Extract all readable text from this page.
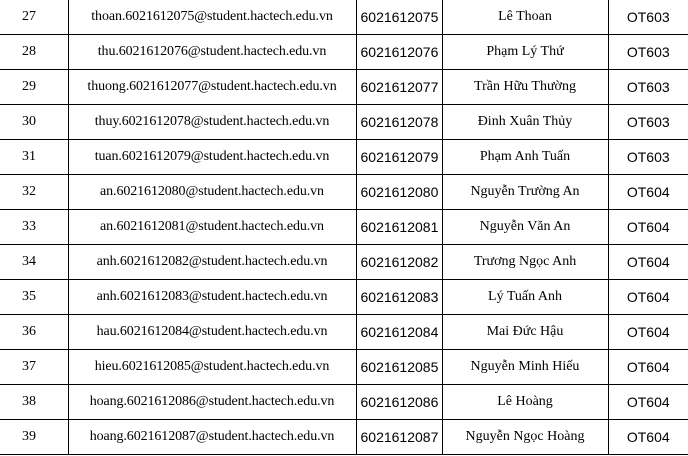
27	thoan.6021612075@student.hactech.edu.vn	6021612075	Lê Thoan	OT603
28	thu.6021612076@student.hactech.edu.vn	6021612076	Phạm Lý Thứ	OT603
29	thuong.6021612077@student.hactech.edu.vn	6021612077	Trần Hữu Thường	OT603
30	thuy.6021612078@student.hactech.edu.vn	6021612078	Đinh Xuân Thủy	OT603
31	tuan.6021612079@student.hactech.edu.vn	6021612079	Phạm Anh Tuấn	OT603
32	an.6021612080@student.hactech.edu.vn	6021612080	Nguyễn Trường An	OT604
33	an.6021612081@student.hactech.edu.vn	6021612081	Nguyễn Văn An	OT604
34	anh.6021612082@student.hactech.edu.vn	6021612082	Trương Ngọc Anh	OT604
35	anh.6021612083@student.hactech.edu.vn	6021612083	Lý Tuấn Anh	OT604
36	hau.6021612084@student.hactech.edu.vn	6021612084	Mai Đức Hậu	OT604
37	hieu.6021612085@student.hactech.edu.vn	6021612085	Nguyễn Minh Hiếu	OT604
38	hoang.6021612086@student.hactech.edu.vn	6021612086	Lê Hoàng	OT604
39	hoang.6021612087@student.hactech.edu.vn	6021612087	Nguyễn Ngọc Hoàng	OT604
